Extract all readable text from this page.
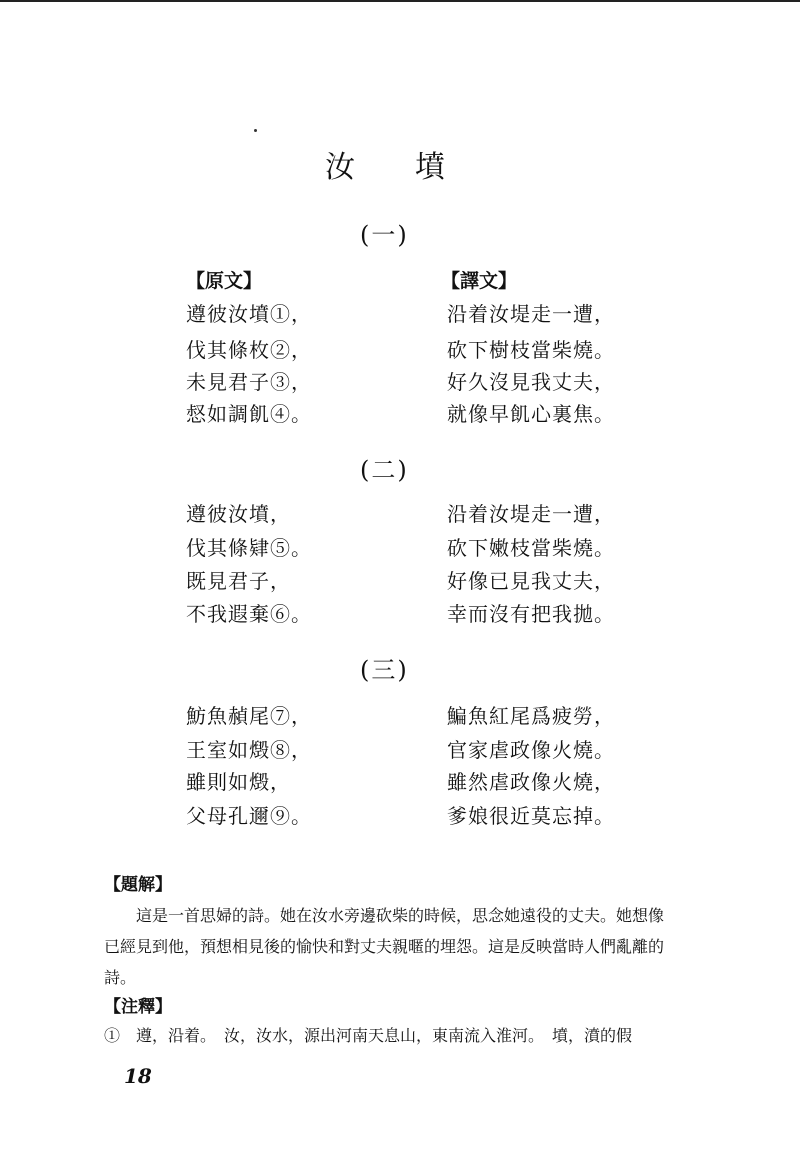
汝 墳
(一)
【原文】	【譯文】
遵彼汝墳①，
伐其條枚②，
未見君子③，
惄如調飢④。
沿着汝堤走一遭，
砍下樹枝當柴燒。
好久沒見我丈夫，
就像早飢心裏焦。
(二)
遵彼汝墳，
伐其條肄⑤。
既見君子，
不我遐棄⑥。
沿着汝堤走一遭，
砍下嫩枝當柴燒。
好像已見我丈夫，
幸而沒有把我拋。
(三)
魴魚赬尾⑦，
王室如燬⑧，
雖則如燬，
父母孔邇⑨。
鯿魚紅尾爲疲勞，
官家虐政像火燒。
雖然虐政像火燒，
爹娘很近莫忘掉。
【題解】
這是一首思婦的詩。她在汝水旁邊砍柴的時候，思念她遠役的丈夫。她想像已經見到他，預想相見後的愉快和對丈夫親暱的埋怨。這是反映當時人們亂離的詩。
【注釋】
①　遵，沿着。　汝，汝水，源出河南天息山，東南流入淮河。　墳，濆的假
18
